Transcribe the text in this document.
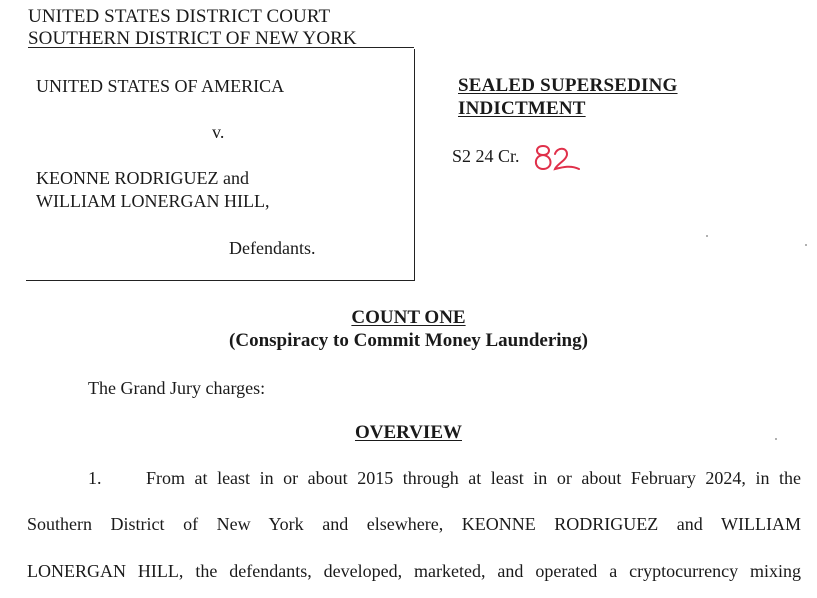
UNITED STATES DISTRICT COURT
SOUTHERN DISTRICT OF NEW YORK
UNITED STATES OF AMERICA
v.
KEONNE RODRIGUEZ and
WILLIAM LONERGAN HILL,
Defendants.
SEALED SUPERSEDING
INDICTMENT
S2 24 Cr.
COUNT ONE
(Conspiracy to Commit Money Laundering)
The Grand Jury charges:
OVERVIEW
1. From at least in or about 2015 through at least in or about February 2024, in the
Southern District of New York and elsewhere, KEONNE RODRIGUEZ and WILLIAM
LONERGAN HILL, the defendants, developed, marketed, and operated a cryptocurrency mixing
